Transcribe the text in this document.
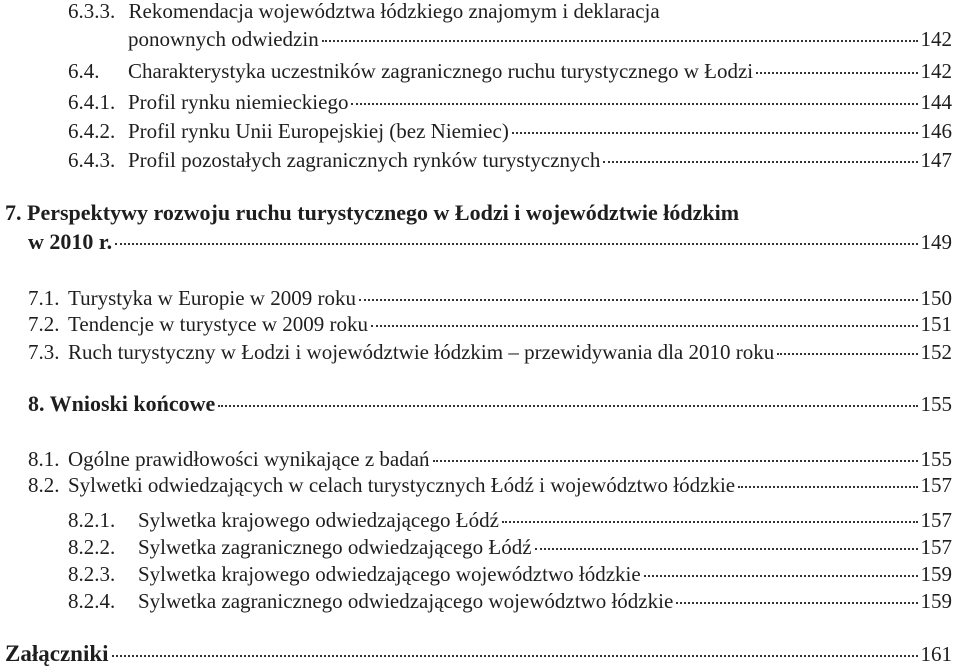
6.3.3. Rekomendacja województwa łódzkiego znajomym i deklaracja
ponownych odwiedzin	142
6.4.	Charakterystyka uczestników zagranicznego ruchu turystycznego w Łodzi	142
6.4.1. Profil rynku niemieckiego	144
6.4.2. Profil rynku Unii Europejskiej (bez Niemiec)	146
6.4.3. Profil pozostałych zagranicznych rynków turystycznych	147
7. Perspektywy rozwoju ruchu turystycznego w Łodzi i województwie łódzkim
w 2010 r.	149
7.1. Turystyka w Europie w 2009 roku	150
7.2. Tendencje w turystyce w 2009 roku	151
7.3. Ruch turystyczny w Łodzi i województwie łódzkim – przewidywania dla 2010 roku	152
8. Wnioski końcowe	155
8.1. Ogólne prawidłowości wynikające z badań	155
8.2. Sylwetki odwiedzających w celach turystycznych Łódź i województwo łódzkie	157
8.2.1.	Sylwetka krajowego odwiedzającego Łódź	157
8.2.2.	Sylwetka zagranicznego odwiedzającego Łódź	157
8.2.3.	Sylwetka krajowego odwiedzającego województwo łódzkie	159
8.2.4.	Sylwetka zagranicznego odwiedzającego województwo łódzkie	159
Załączniki	161
